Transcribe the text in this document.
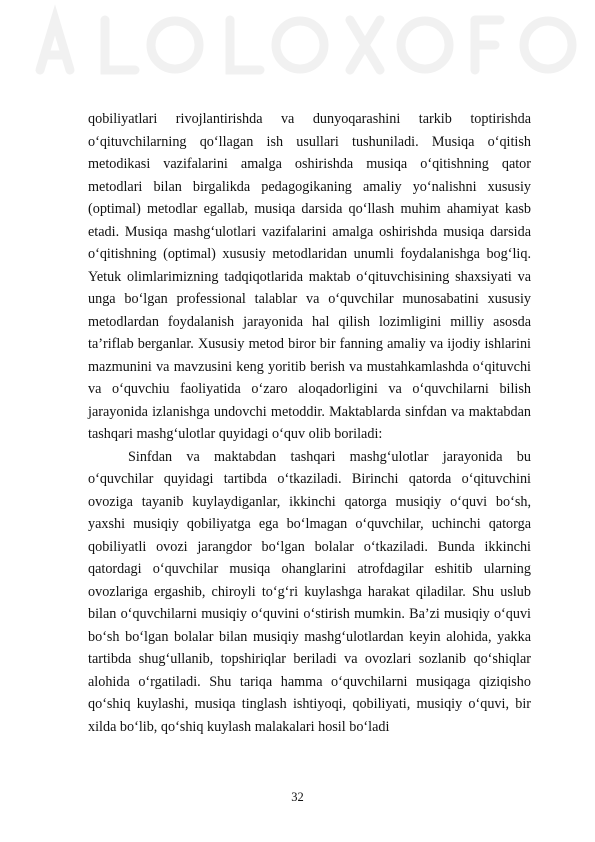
qobiliyatlari rivojlantirishda va dunyoqarashini tarkib toptirishda o‘qituvchilarning qo‘llagan ish usullari tushuniladi. Musiqa o‘qitish metodikasi vazifalarini amalga oshirishda musiqa o‘qitishning qator metodlari bilan birgalikda pedagogikaning amaliy yo‘nalishni xususiy (optimal) metodlar egallab, musiqa darsida qo‘llash muhim ahamiyat kasb etadi. Musiqa mashg‘ulotlari vazifalarini amalga oshirishda musiqa darsida o‘qitishning (optimal) xususiy metodlaridan unumli foydalanishga bog‘liq. Yetuk olimlarimizning tadqiqotlarida maktab o‘qituvchisining shaxsiyati va unga bo‘lgan professional talablar va o‘quvchilar munosabatini xususiy metodlardan foydalanish jarayonida hal qilish lozimligini milliy asosda ta’riflab berganlar. Xususiy metod biror bir fanning amaliy va ijodiy ishlarini mazmunini va mavzusini keng yoritib berish va mustahkamlashda o‘qituvchi va o‘quvchiu faoliyatida o‘zaro aloqadorligini va o‘quvchilarni bilish jarayonida izlanishga undovchi metoddir. Maktablarda sinfdan va maktabdan tashqari mashg‘ulotlar quyidagi o‘quv olib boriladi:

Sinfdan va maktabdan tashqari mashg‘ulotlar jarayonida bu o‘quvchilar quyidagi tartibda o‘tkaziladi. Birinchi qatorda o‘qituvchini ovoziga tayanib kuylaydiganlar, ikkinchi qatorga musiqiy o‘quvi bo‘sh, yaxshi musiqiy qobiliyatga ega bo‘lmagan o‘quvchilar, uchinchi qatorga qobiliyatli ovozi jarangdor bo‘lgan bolalar o‘tkaziladi. Bunda ikkinchi qatordagi o‘quvchilar musiqa ohanglarini atrofdagilar eshitib ularning ovozlariga ergashib, chiroyli to‘g‘ri kuylashga harakat qiladilar. Shu uslub bilan o‘quvchilarni musiqiy o‘quvini o‘stirish mumkin. Ba’zi musiqiy o‘quvi bo‘sh bo‘lgan bolalar bilan musiqiy mashg‘ulotlardan keyin alohida, yakka tartibda shug‘ullanib, topshiriqlar beriladi va ovozlari sozlanib qo‘shiqlar alohida o‘rgatiladi. Shu tariqa hamma o‘quvchilarni musiqaga qiziqisho qo‘shiq kuylashi, musiqa tinglash ishtiyoqi, qobiliyati, musiqiy o‘quvi, bir xilda bo‘lib, qo‘shiq kuylash malakalari hosil bo‘ladi

32
